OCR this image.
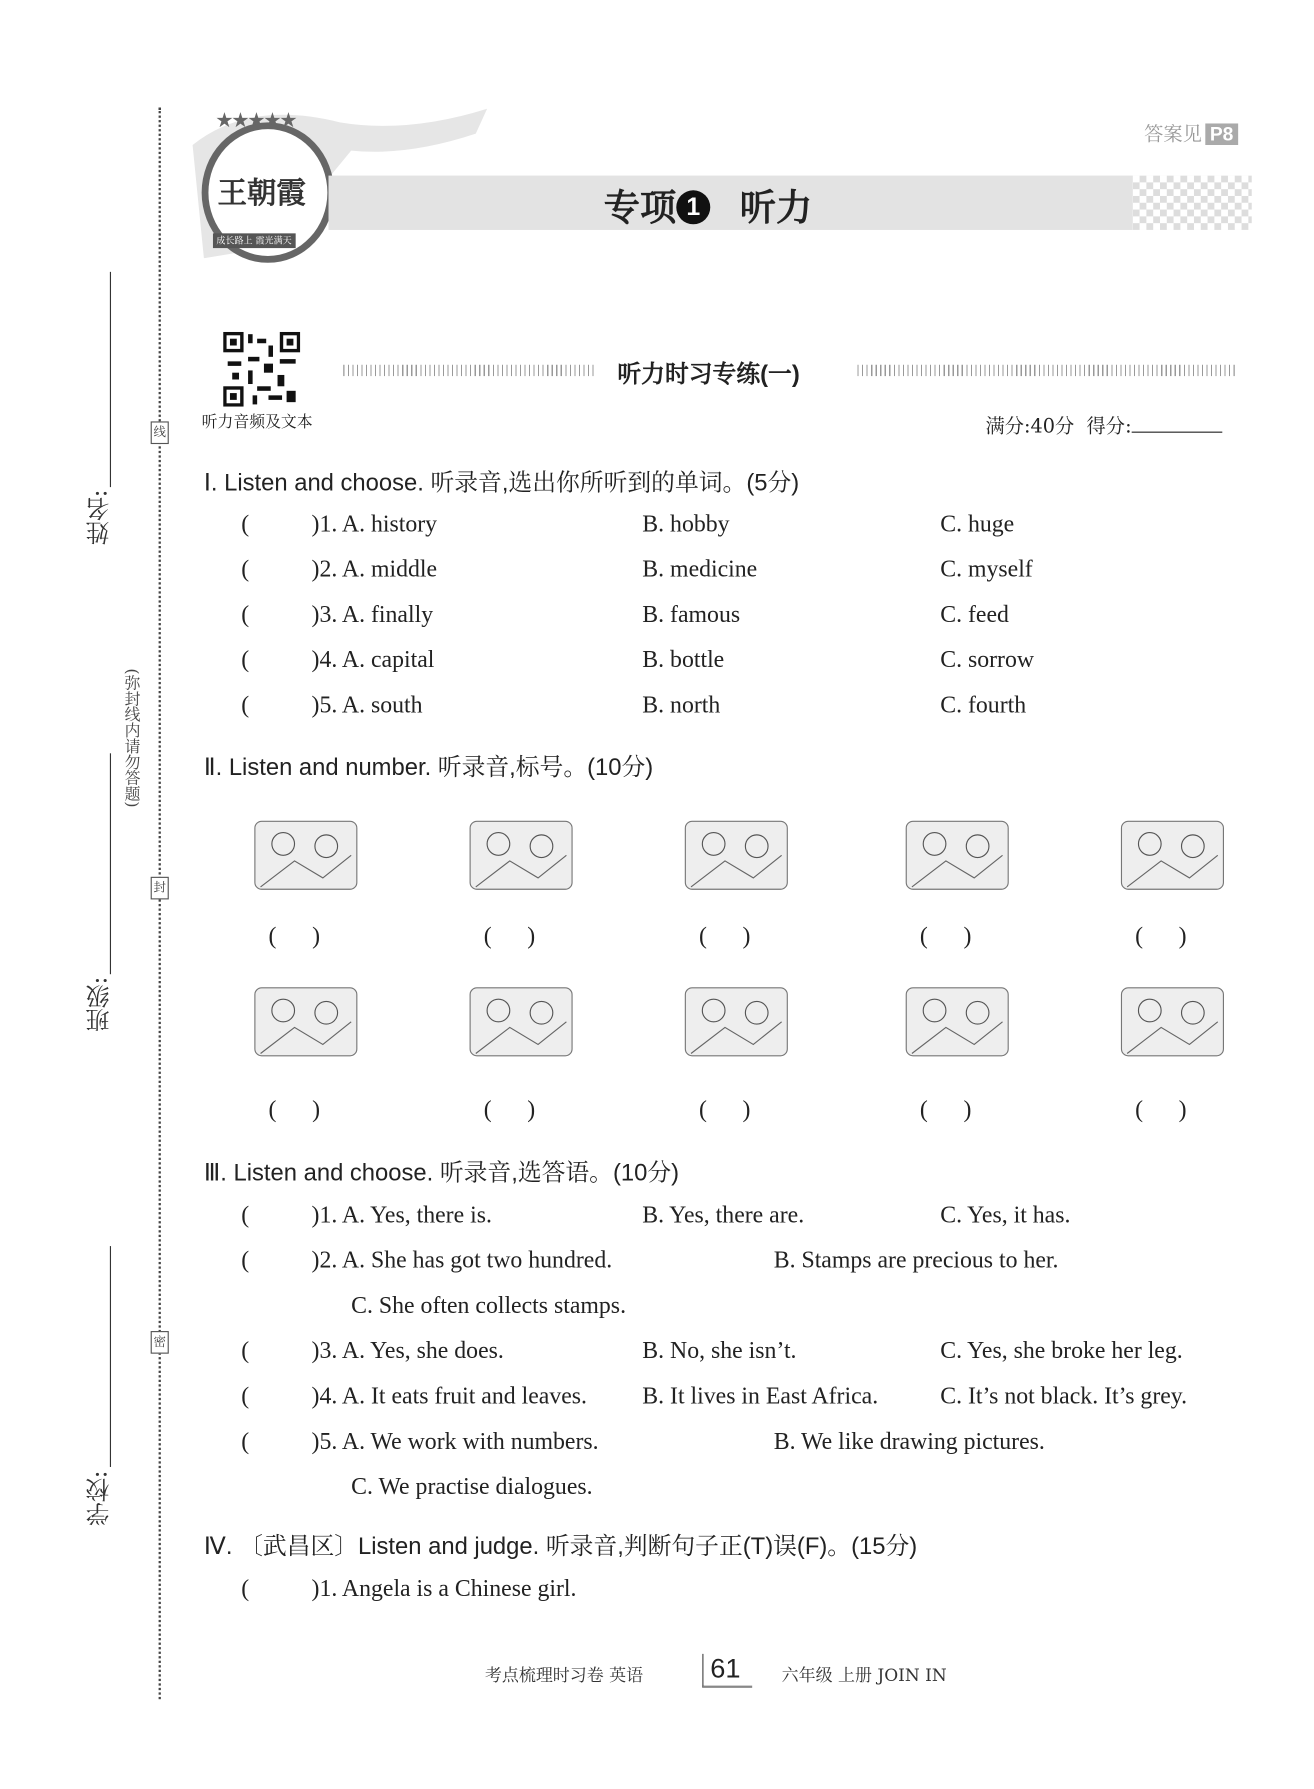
线
封
密
姓名:
班级:
学校:
(弥封线内请勿答题)
王朝霞
成长路上 霞光满天
★★★★★
答案见 P8
专项 1 听力
听力音频及文本
听力时习专练(一)
满分:40分 得分:
Ⅰ. Listen and choose. 听录音,选出你所听到的单词。(5分)
(	)1. A. history	B. hobby	C. huge
(	)2. A. middle	B. medicine	C. myself
(	)3. A. finally	B. famous	C. feed
(	)4. A. capital	B. bottle	C. sorrow
(	)5. A. south	B. north	C. fourth
Ⅱ. Listen and number. 听录音,标号。(10分)
(      )	(      )	(      )	(      )	(      )
(      )	(      )	(      )	(      )	(      )
Ⅲ. Listen and choose. 听录音,选答语。(10分)
(	)1. A. Yes, there is.	B. Yes, there are.	C. Yes, it has.
(	)2. A. She has got two hundred.	B. Stamps are precious to her.
C. She often collects stamps.
(	)3. A. Yes, she does.	B. No, she isn’t.	C. Yes, she broke her leg.
(	)4. A. It eats fruit and leaves.	B. It lives in East Africa.	C. It’s not black. It’s grey.
(	)5. A. We work with numbers.	B. We like drawing pictures.
C. We practise dialogues.
Ⅳ. 〔武昌区〕Listen and judge. 听录音,判断句子正(T)误(F)。(15分)
(	)1. Angela is a Chinese girl.
考点梳理时习卷 英语	61	六年级 上册 JOIN IN
